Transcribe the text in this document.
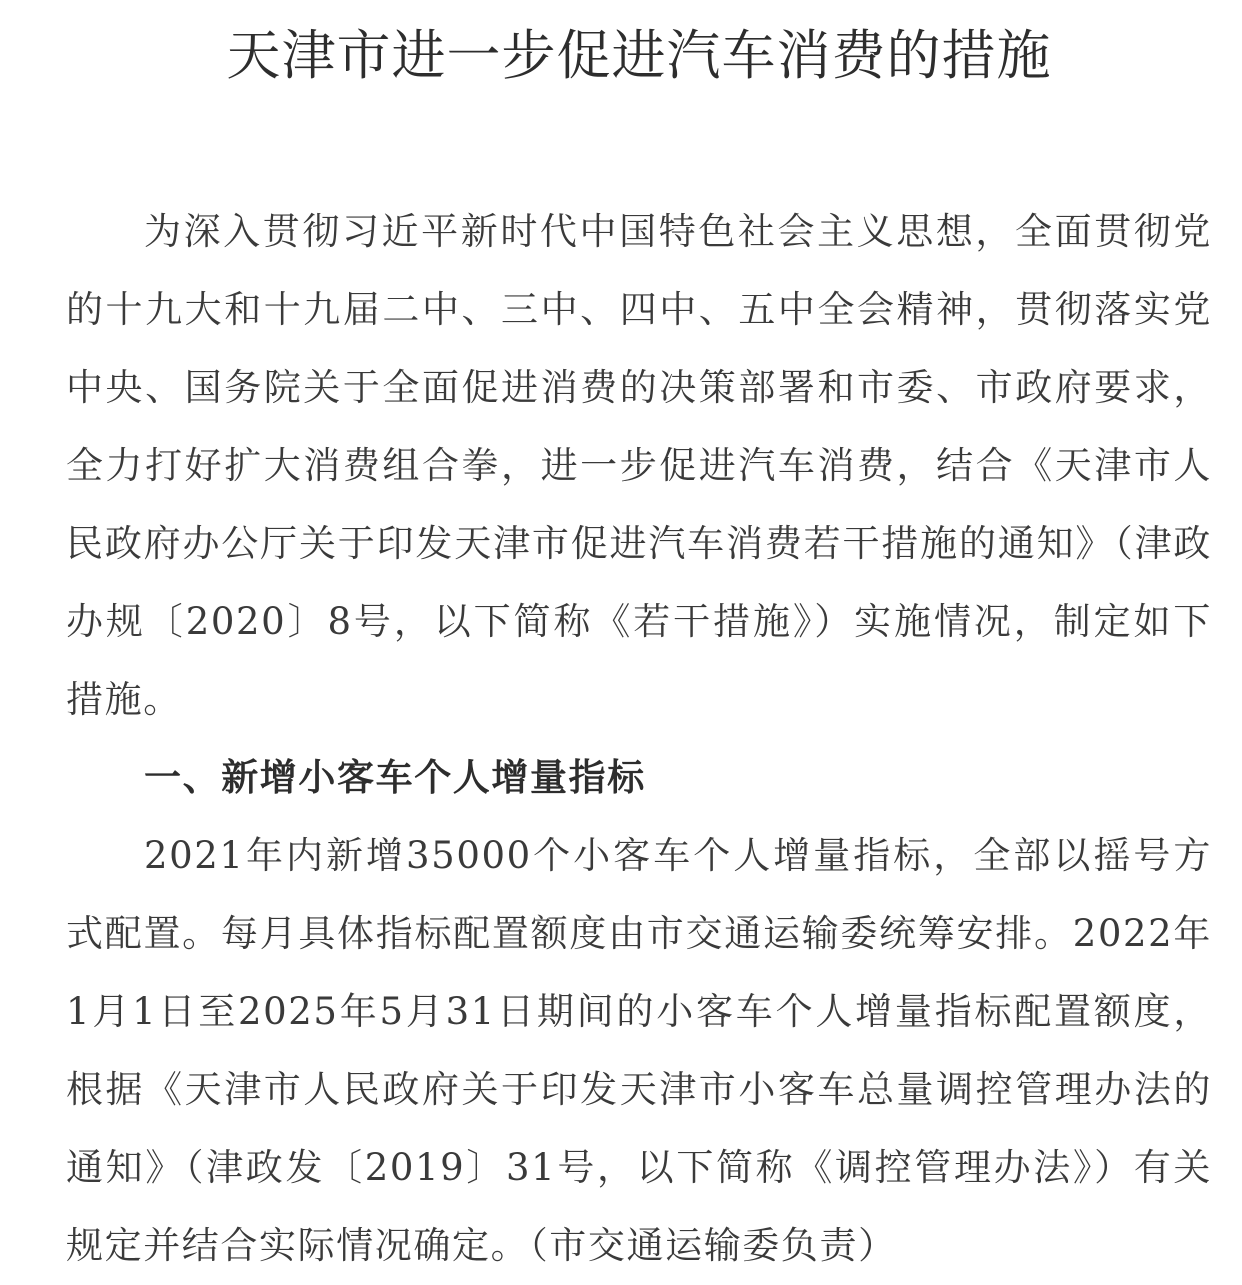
天津市进一步促进汽车消费的措施

为深入贯彻习近平新时代中国特色社会主义思想，全面贯彻党的十九大和十九届二中、三中、四中、五中全会精神，贯彻落实党中央、国务院关于全面促进消费的决策部署和市委、市政府要求，全力打好扩大消费组合拳，进一步促进汽车消费，结合《天津市人民政府办公厅关于印发天津市促进汽车消费若干措施的通知》（津政办规〔2020〕8号，以下简称《若干措施》）实施情况，制定如下措施。

一、新增小客车个人增量指标

2021年内新增35000个小客车个人增量指标，全部以摇号方式配置。每月具体指标配置额度由市交通运输委统筹安排。2022年1月1日至2025年5月31日期间的小客车个人增量指标配置额度，根据《天津市人民政府关于印发天津市小客车总量调控管理办法的通知》（津政发〔2019〕31号，以下简称《调控管理办法》）有关规定并结合实际情况确定。（市交通运输委负责）
